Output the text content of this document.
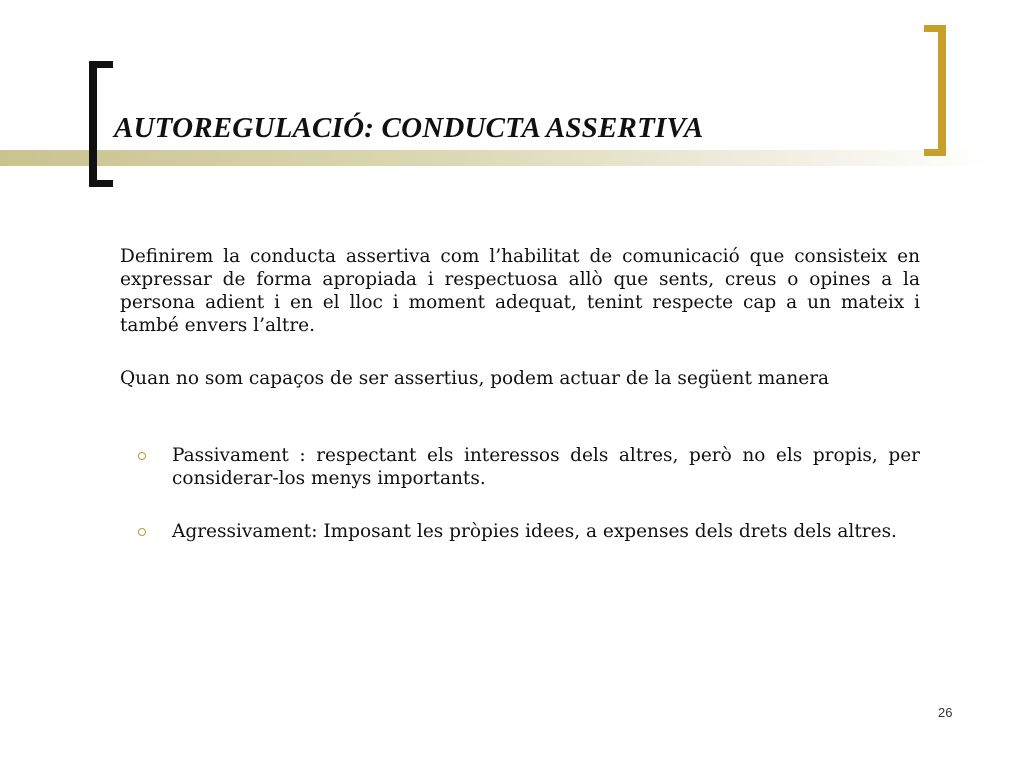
AUTOREGULACIÓ: CONDUCTA ASSERTIVA

Definirem la conducta assertiva com l’habilitat de comunicació que consisteix en expressar de forma apropiada i respectuosa allò que sents, creus o opines a la persona adient i en el lloc i moment adequat, tenint respecte cap a un mateix i també envers l’altre.

Quan no som capaços de ser assertius, podem actuar de la següent manera

Passivament : respectant els interessos dels altres, però no els propis, per considerar-los menys importants.

Agressivament: Imposant les pròpies idees, a expenses dels drets dels altres.

26
